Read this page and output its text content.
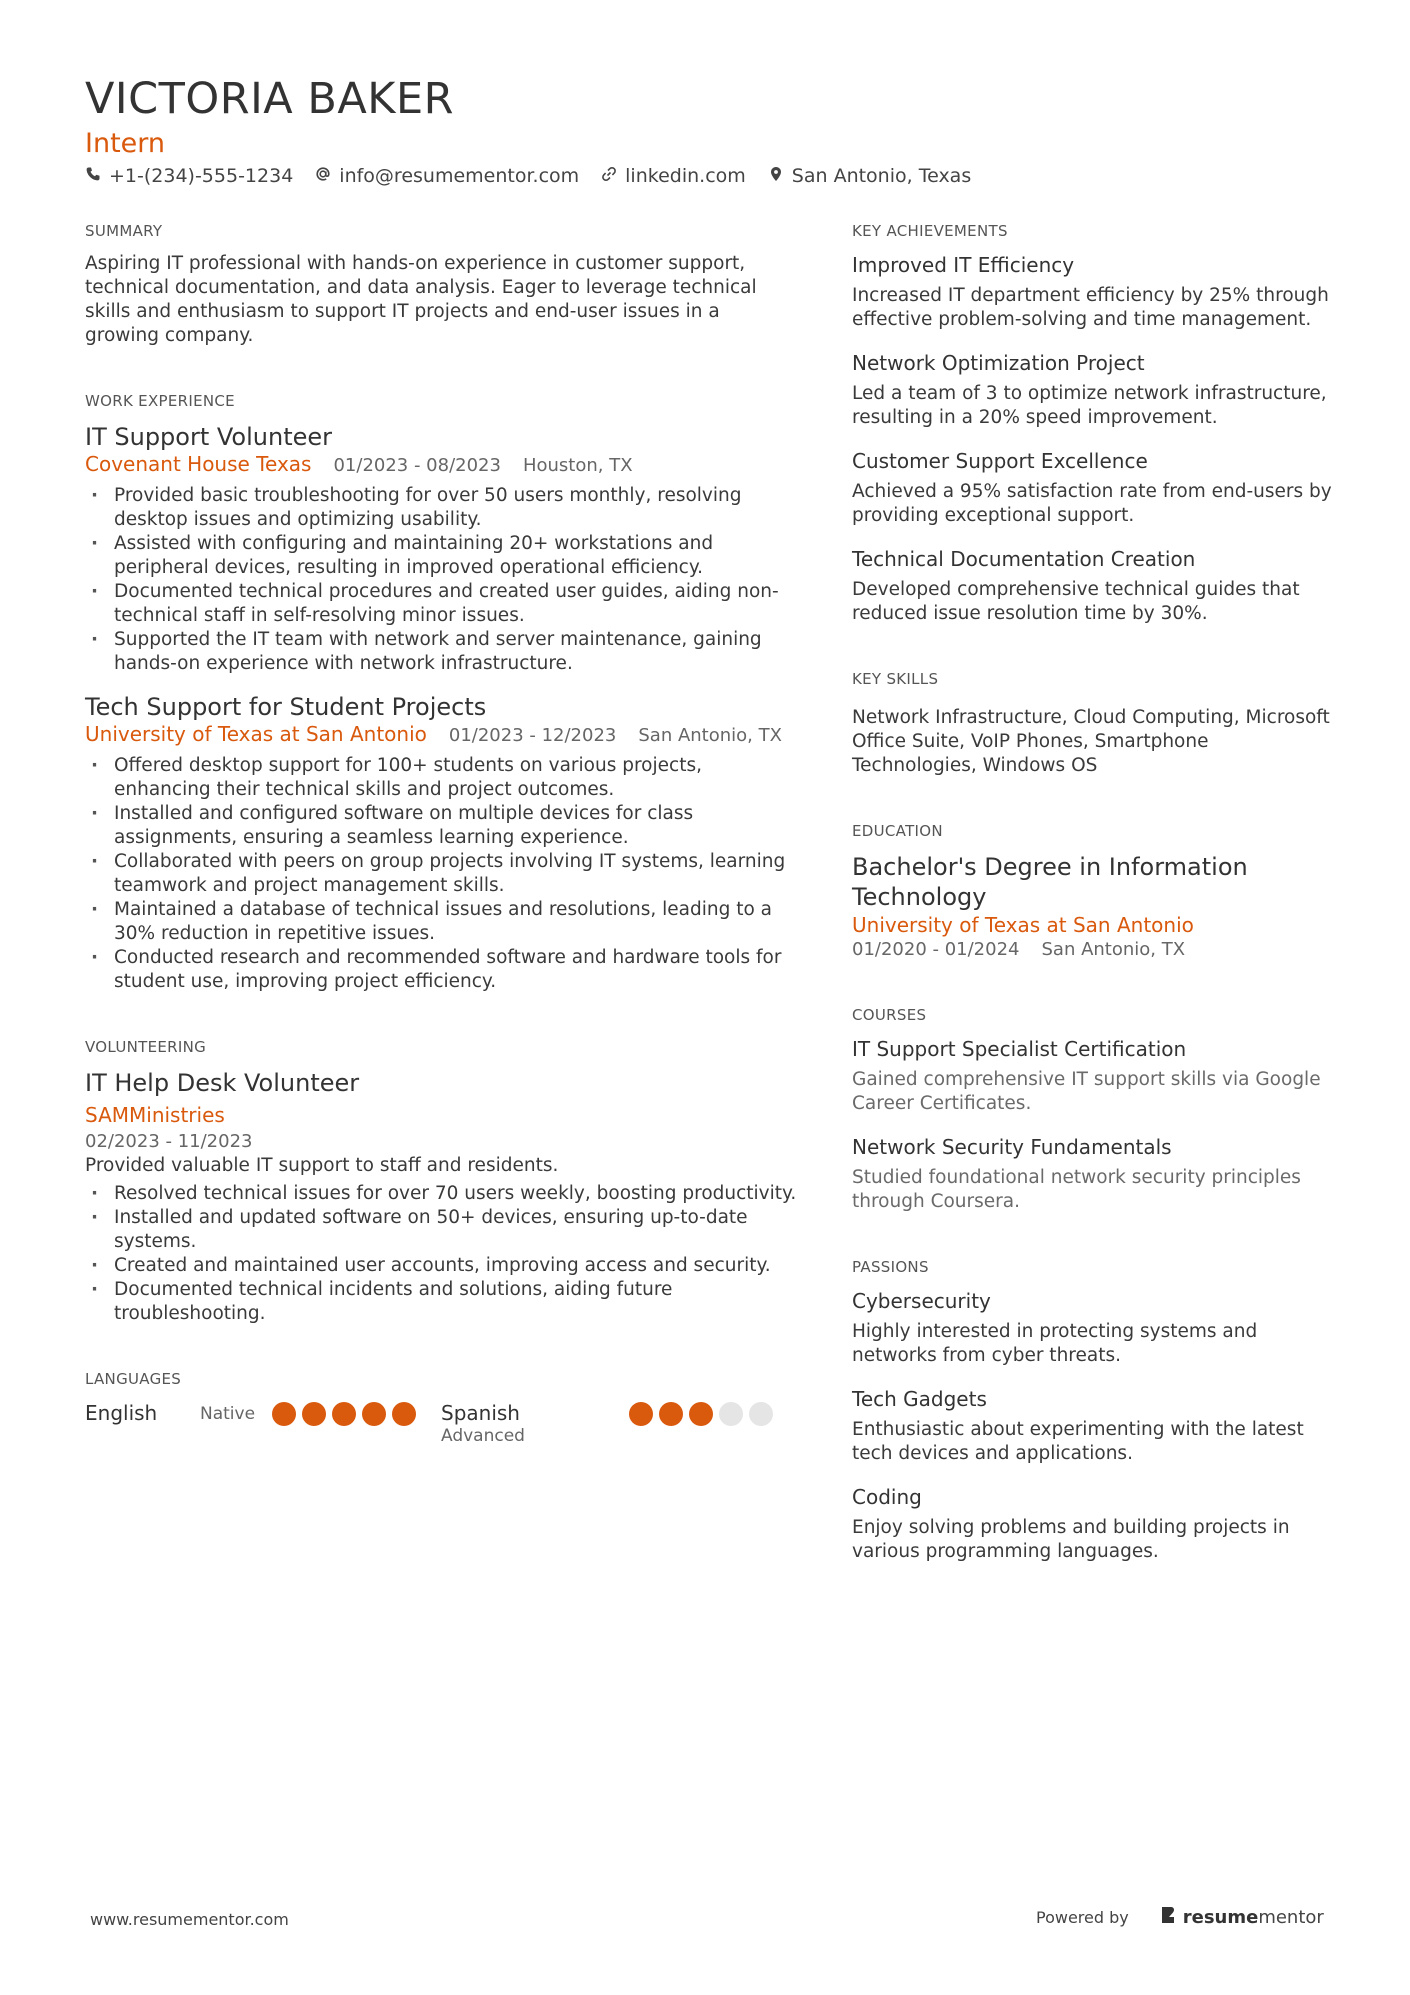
VICTORIA BAKER
Intern
+1-(234)-555-1234 info@resumementor.com linkedin.com San Antonio, Texas
SUMMARY

Aspiring IT professional with hands-on experience in customer support, technical documentation, and data analysis. Eager to leverage technical skills and enthusiasm to support IT projects and end-user issues in a growing company.

WORK EXPERIENCE
IT Support Volunteer
Covenant House Texas 01/2023 - 08/2023 Houston, TX
· Provided basic troubleshooting for over 50 users monthly, resolving desktop issues and optimizing usability.
· Assisted with configuring and maintaining 20+ workstations and peripheral devices, resulting in improved operational efficiency.
· Documented technical procedures and created user guides, aiding non-technical staff in self-resolving minor issues.
· Supported the IT team with network and server maintenance, gaining hands-on experience with network infrastructure.
Tech Support for Student Projects
University of Texas at San Antonio 01/2023 - 12/2023 San Antonio, TX
· Offered desktop support for 100+ students on various projects, enhancing their technical skills and project outcomes.
· Installed and configured software on multiple devices for class assignments, ensuring a seamless learning experience.
· Collaborated with peers on group projects involving IT systems, learning teamwork and project management skills.
· Maintained a database of technical issues and resolutions, leading to a 30% reduction in repetitive issues.
· Conducted research and recommended software and hardware tools for student use, improving project efficiency.
VOLUNTEERING
IT Help Desk Volunteer
SAMMinistries
02/2023 - 11/2023

Provided valuable IT support to staff and residents.

· Resolved technical issues for over 70 users weekly, boosting productivity.
· Installed and updated software on 50+ devices, ensuring up-to-date systems.
· Created and maintained user accounts, improving access and security.
· Documented technical incidents and solutions, aiding future troubleshooting.
LANGUAGES
English	Native	Spanish
Advanced
KEY ACHIEVEMENTS
Improved IT Efficiency
Increased IT department efficiency by 25% through effective problem-solving and time management.
Network Optimization Project
Led a team of 3 to optimize network infrastructure, resulting in a 20% speed improvement.
Customer Support Excellence
Achieved a 95% satisfaction rate from end-users by providing exceptional support.
Technical Documentation Creation
Developed comprehensive technical guides that reduced issue resolution time by 30%.
KEY SKILLS

Network Infrastructure, Cloud Computing, Microsoft Office Suite, VoIP Phones, Smartphone Technologies, Windows OS

EDUCATION
Bachelor's Degree in Information Technology
University of Texas at San Antonio
01/2020 - 01/2024 San Antonio, TX
COURSES
IT Support Specialist Certification
Gained comprehensive IT support skills via Google Career Certificates.
Network Security Fundamentals
Studied foundational network security principles through Coursera.
PASSIONS
Cybersecurity
Highly interested in protecting systems and networks from cyber threats.
Tech Gadgets
Enthusiastic about experimenting with the latest tech devices and applications.
Coding
Enjoy solving problems and building projects in various programming languages.
www.resumementor.com	Powered by	resumementor
